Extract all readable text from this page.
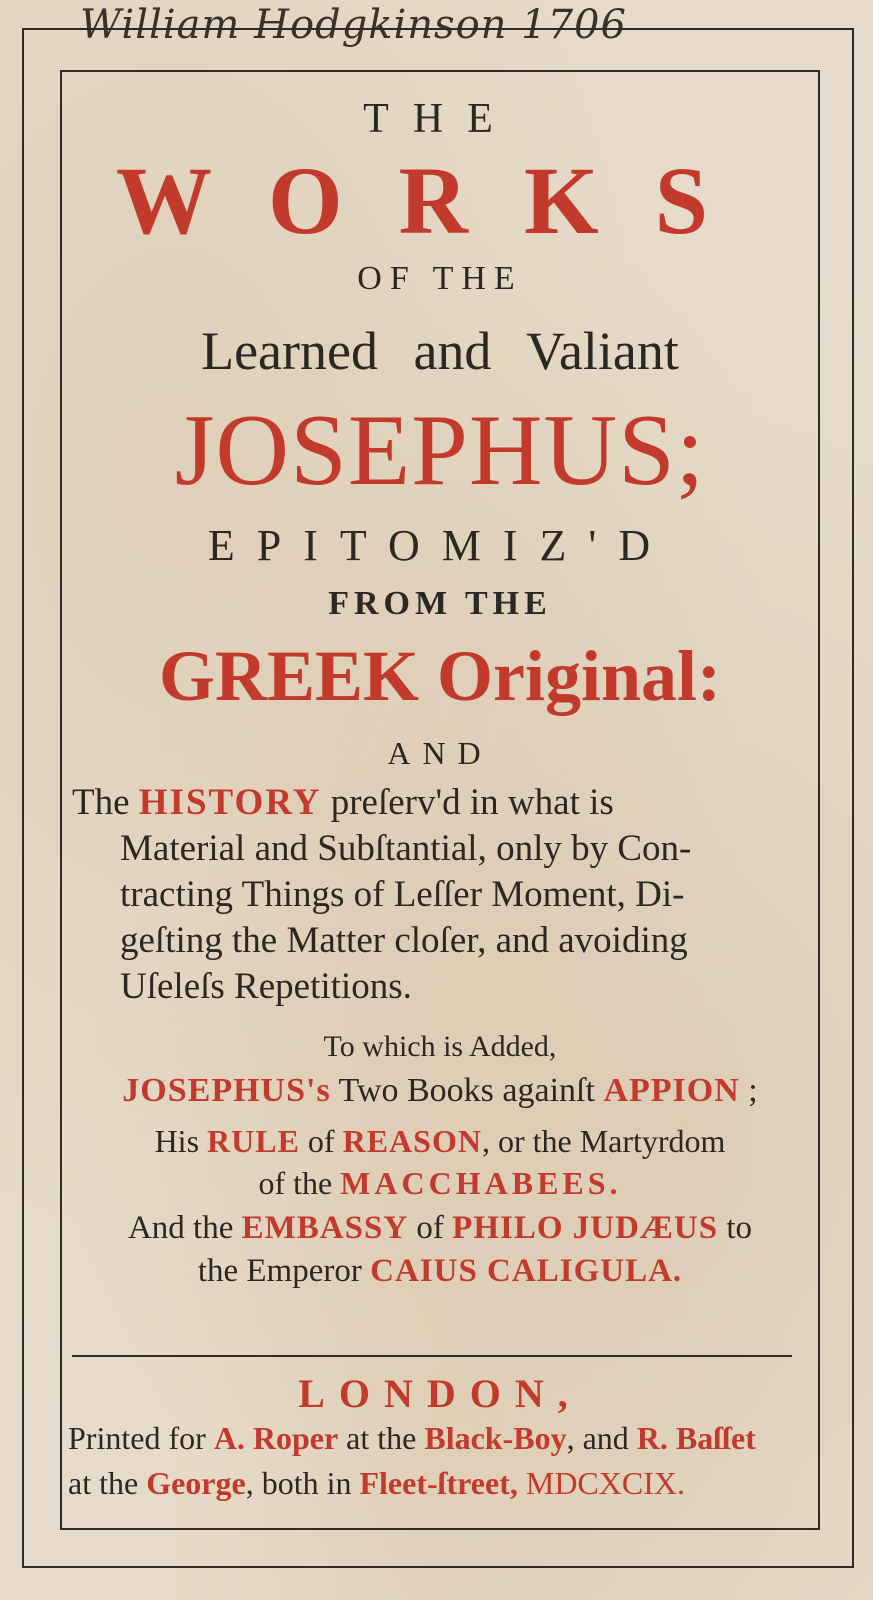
William Hodgkinson 1706
THE
WORKS
OF THE
Learned and Valiant
JOSEPHUS;
EPITOMIZ'D
FROM THE
GREEK Original:
AND
The HISTORY preſerv'd in what is
Material and Subſtantial, only by Con-
tracting Things of Leſſer Moment, Di-
geſting the Matter cloſer, and avoiding
Uſeleſs Repetitions.
To which is Added,
JOSEPHUS's Two Books againſt APPION ;
His RULE of REASON, or the Martyrdom
of the MACCHABEES.
And the EMBASSY of PHILO JUDÆUS to
the Emperor CAIUS CALIGULA.
LONDON,
Printed for A. Roper at the Black-Boy, and R. Baſſet
at the George, both in Fleet-ſtreet, MDCXCIX.
